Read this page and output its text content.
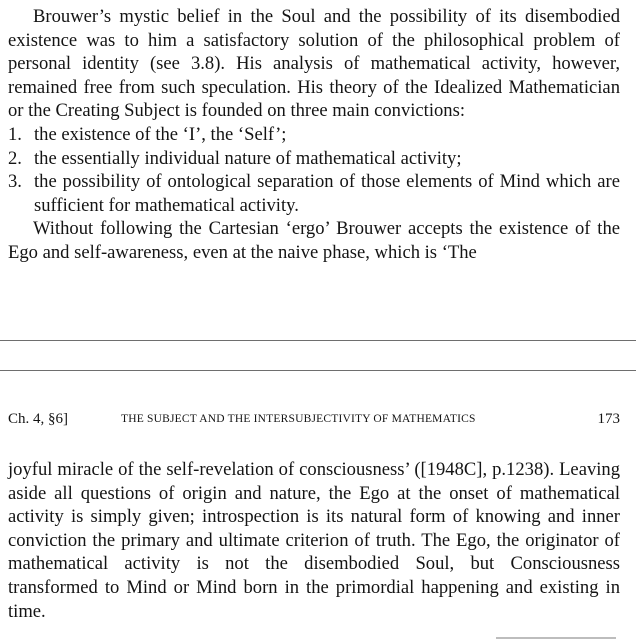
Brouwer’s mystic belief in the Soul and the possibility of its disembodied existence was to him a satisfactory solution of the philosophical problem of personal identity (see 3.8). His analysis of mathematical activity, however, remained free from such speculation. His theory of the Idealized Mathematician or the Creating Subject is founded on three main convictions:

1. the existence of the ‘I’, the ‘Self’;
2. the essentially individual nature of mathematical activity;
3. the possibility of ontological separation of those elements of Mind which are sufficient for mathematical activity.

Without following the Cartesian ‘ergo’ Brouwer accepts the existence of the Ego and self-awareness, even at the naive phase, which is ‘The

Ch. 4, §6]	THE SUBJECT AND THE INTERSUBJECTIVITY OF MATHEMATICS	173

joyful miracle of the self-revelation of consciousness’ ([1948C], p.1238). Leaving aside all questions of origin and nature, the Ego at the onset of mathematical activity is simply given; introspection is its natural form of knowing and inner conviction the primary and ultimate criterion of truth. The Ego, the originator of mathematical activity is not the disembodied Soul, but Consciousness transformed to Mind or Mind born in the primordial happening and existing in time.
